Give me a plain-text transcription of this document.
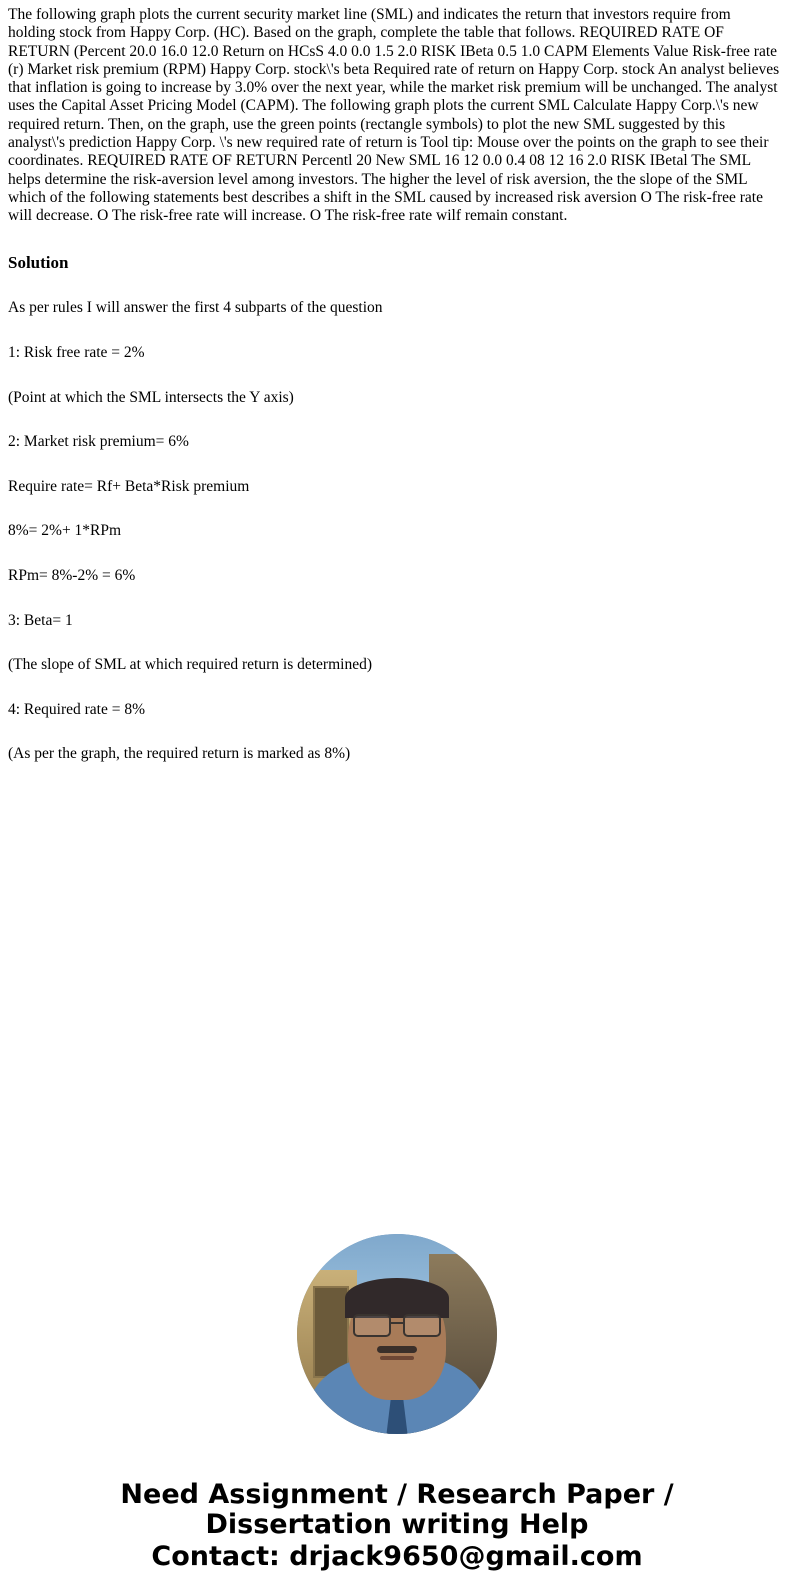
The following graph plots the current security market line (SML) and indicates the return that investors require from holding stock from Happy Corp. (HC). Based on the graph, complete the table that follows. REQUIRED RATE OF RETURN (Percent 20.0 16.0 12.0 Return on HCsS 4.0 0.0 1.5 2.0 RISK IBeta 0.5 1.0 CAPM Elements Value Risk-free rate (r) Market risk premium (RPM) Happy Corp. stock\'s beta Required rate of return on Happy Corp. stock An analyst believes that inflation is going to increase by 3.0% over the next year, while the market risk premium will be unchanged. The analyst uses the Capital Asset Pricing Model (CAPM). The following graph plots the current SML Calculate Happy Corp.\'s new required return. Then, on the graph, use the green points (rectangle symbols) to plot the new SML suggested by this analyst\'s prediction Happy Corp. \'s new required rate of return is Tool tip: Mouse over the points on the graph to see their coordinates. REQUIRED RATE OF RETURN Percentl 20 New SML 16 12 0.0 0.4 08 12 16 2.0 RISK IBetal The SML helps determine the risk-aversion level among investors. The higher the level of risk aversion, the the slope of the SML which of the following statements best describes a shift in the SML caused by increased risk aversion O The risk-free rate will decrease. O The risk-free rate will increase. O The risk-free rate wilf remain constant.

Solution

As per rules I will answer the first 4 subparts of the question

1: Risk free rate = 2%

(Point at which the SML intersects the Y axis)

2: Market risk premium= 6%

Require rate= Rf+ Beta*Risk premium

8%= 2%+ 1*RPm

RPm= 8%-2% = 6%

3: Beta= 1

(The slope of SML at which required return is determined)

4: Required rate = 8%

(As per the graph, the required return is marked as 8%)

Need Assignment / Research Paper / Dissertation writing Help
Contact: drjack9650@gmail.com
